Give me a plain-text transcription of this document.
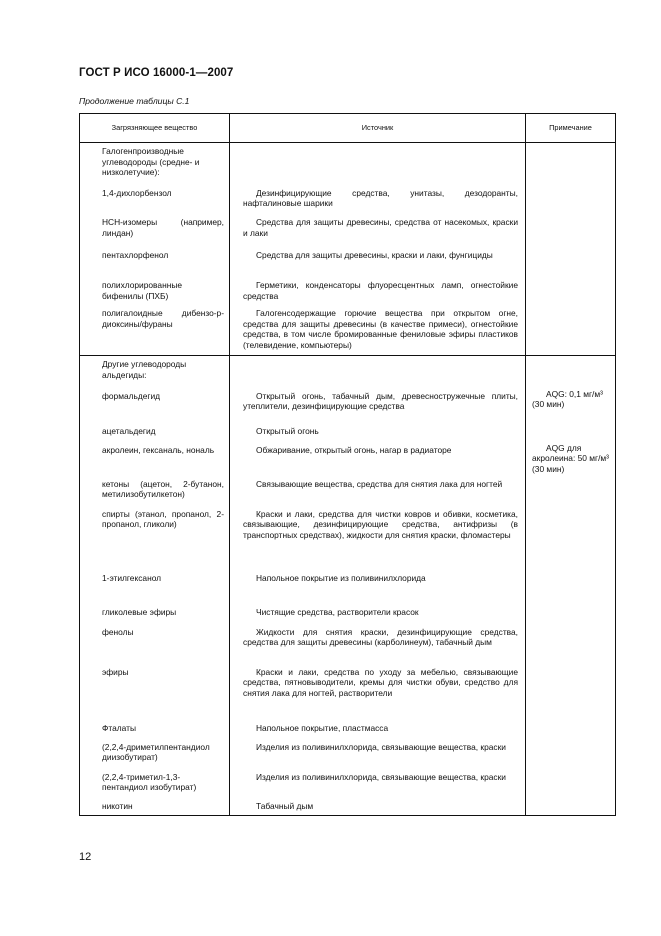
ГОСТ Р ИСО 16000-1—2007
Продолжение таблицы С.1
Загрязняющее вещество	Источник	Примечание

Галогенпроизводные углеводороды (средне- и низколетучие):		

1,4-дихлорбензол	Дезинфицирующие средства, унитазы, дезодоранты, нафталиновые шарики	

HCH-изомеры (например, линдан)	Средства для защиты древесины, средства от насекомых, краски и лаки	

пентахлорфенол	Средства для защиты древесины, краски и лаки, фунгициды	

полихлорированные бифенилы (ПХБ)	Герметики, конденсаторы флуоресцентных ламп, огнестойкие средства	

полигалоидные дибензо-р-диоксины/фураны	Галогенсодержащие горючие вещества при открытом огне, средства для защиты древесины (в качестве примеси), огнестойкие средства, в том числе бромированные фениловые эфиры пластиков (телевидение, компьютеры)	

Другие углеводороды альдегиды:		

формальдегид	Открытый огонь, табачный дым, древесностружечные плиты, утеплители, дезинфицирующие средства	AQG: 0,1 мг/м³ (30 мин)

ацетальдегид	Открытый огонь	

акролеин, гексаналь, нональ	Обжаривание, открытый огонь, нагар в радиаторе	AQG для акролеина: 50 мг/м³ (30 мин)

кетоны (ацетон, 2-бутанон, метилизобутилкетон)	Связывающие вещества, средства для снятия лака для ногтей	

спирты (этанол, пропанол, 2-пропанол, гликоли)	Краски и лаки, средства для чистки ковров и обивки, косметика, связывающие, дезинфицирующие средства, антифризы (в транспортных средствах), жидкости для снятия краски, фломастеры	

1-этилгексанол	Напольное покрытие из поливинилхлорида	

гликолевые эфиры	Чистящие средства, растворители красок	

фенолы	Жидкости для снятия краски, дезинфицирующие средства, средства для защиты древесины (карболинеум), табачный дым	

эфиры	Краски и лаки, средства по уходу за мебелью, связывающие средства, пятновыводители, кремы для чистки обуви, средство для снятия лака для ногтей, растворители	

Фталаты	Напольное покрытие, пластмасса	

(2,2,4-дриметилпентандиол диизобутират)	Изделия из поливинилхлорида, связывающие вещества, краски	

(2,2,4-триметил-1,3-пентандиол изобутират)	Изделия из поливинилхлорида, связывающие вещества, краски	

никотин	Табачный дым	

12
